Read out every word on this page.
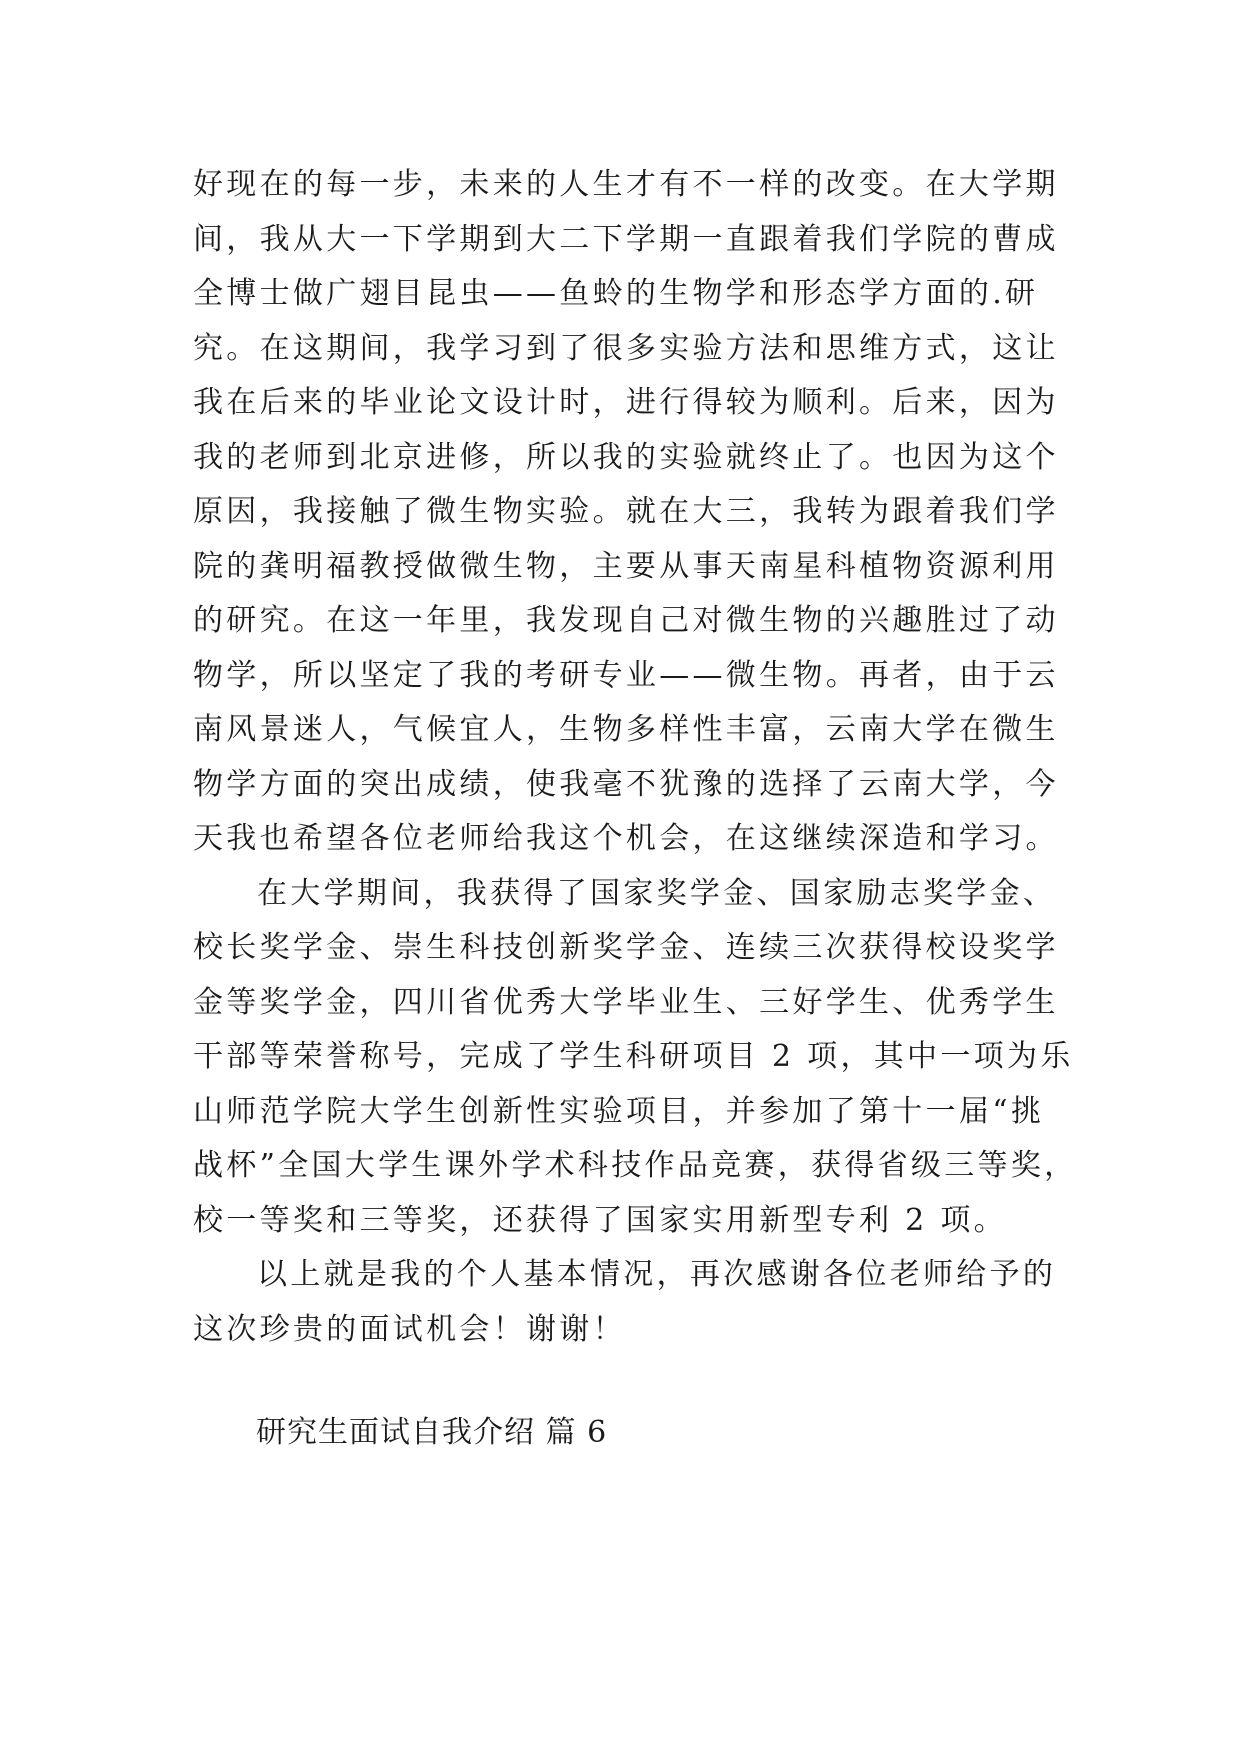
好现在的每一步，未来的人生才有不一样的改变。在大学期
间，我从大一下学期到大二下学期一直跟着我们学院的曹成
全博士做广翅目昆虫——鱼蛉的生物学和形态学方面的.研
究。在这期间，我学习到了很多实验方法和思维方式，这让
我在后来的毕业论文设计时，进行得较为顺利。后来，因为
我的老师到北京进修，所以我的实验就终止了。也因为这个
原因，我接触了微生物实验。就在大三，我转为跟着我们学
院的龚明福教授做微生物，主要从事天南星科植物资源利用
的研究。在这一年里，我发现自己对微生物的兴趣胜过了动
物学，所以坚定了我的考研专业——微生物。再者，由于云
南风景迷人，气候宜人，生物多样性丰富，云南大学在微生
物学方面的突出成绩，使我毫不犹豫的选择了云南大学，今
天我也希望各位老师给我这个机会，在这继续深造和学习。
在大学期间，我获得了国家奖学金、国家励志奖学金、
校长奖学金、崇生科技创新奖学金、连续三次获得校设奖学
金等奖学金，四川省优秀大学毕业生、三好学生、优秀学生
干部等荣誉称号，完成了学生科研项目 2 项，其中一项为乐
山师范学院大学生创新性实验项目，并参加了第十一届“挑
战杯”全国大学生课外学术科技作品竞赛，获得省级三等奖，
校一等奖和三等奖，还获得了国家实用新型专利 2 项。
以上就是我的个人基本情况，再次感谢各位老师给予的
这次珍贵的面试机会！谢谢！
研究生面试自我介绍 篇 6
